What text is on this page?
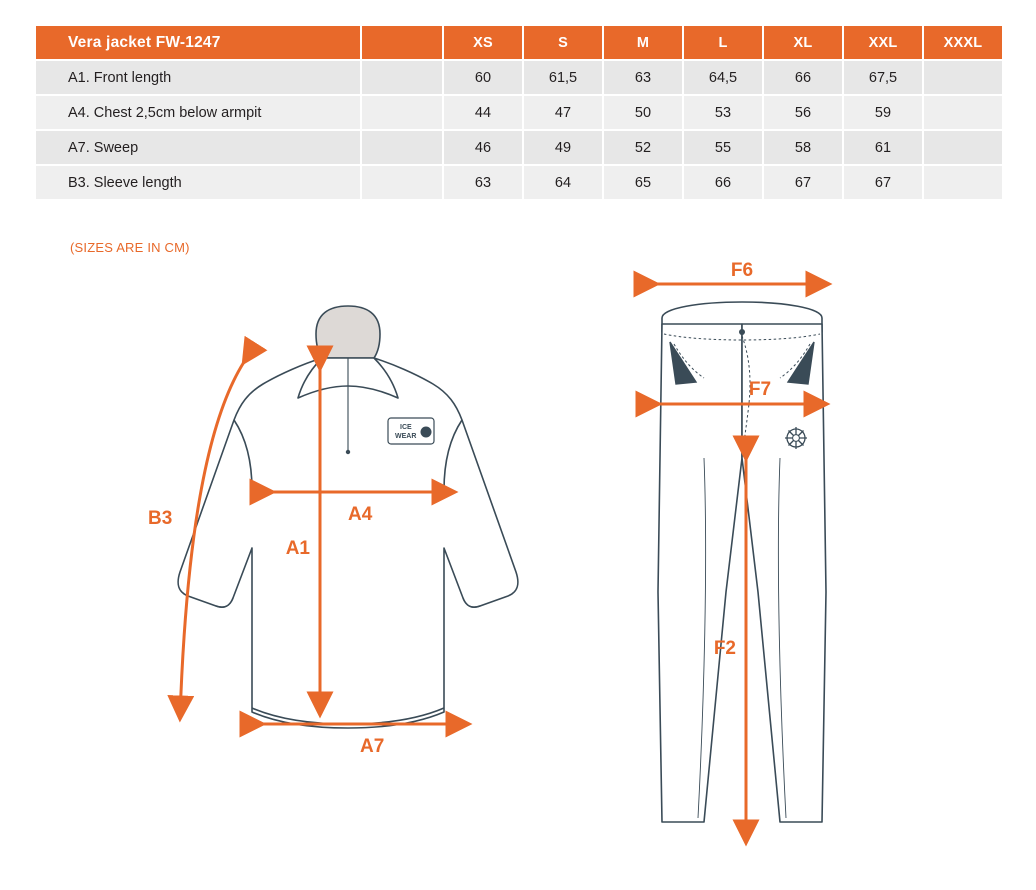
Vera jacket FW-1247		XS	S	M	L	XL	XXL	XXXL
A1. Front length		60	61,5	63	64,5	66	67,5	
A4. Chest 2,5cm below armpit		44	47	50	53	56	59	
A7. Sweep		46	49	52	55	58	61	
B3. Sleeve length		63	64	65	66	67	67	
(SIZES ARE IN CM)
ICE
WEAR
B3	A4
A1
A7
F6
F7
F2
